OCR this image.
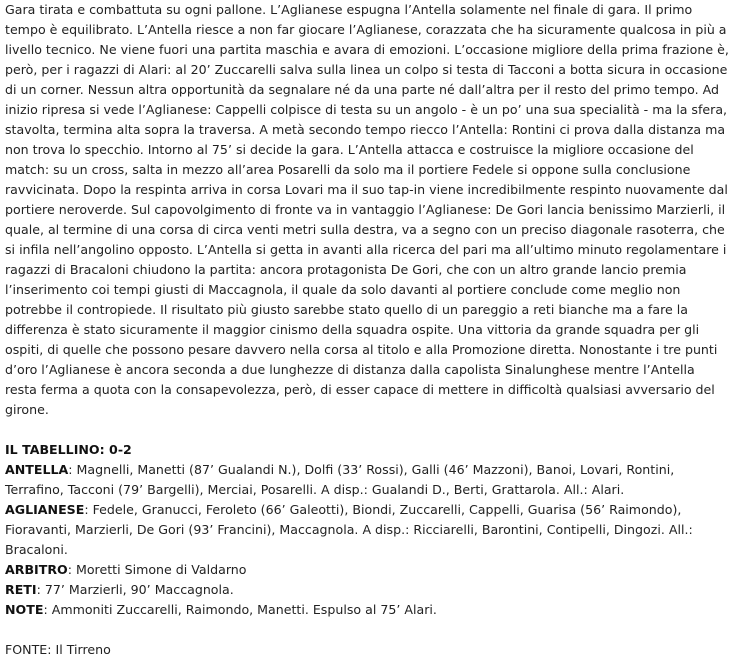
Gara tirata e combattuta su ogni pallone. L’Aglianese espugna l’Antella solamente nel finale di gara. Il primo tempo è equilibrato. L’Antella riesce a non far giocare l’Aglianese, corazzata che ha sicuramente qualcosa in più a livello tecnico. Ne viene fuori una partita maschia e avara di emozioni. L’occasione migliore della prima frazione è, però, per i ragazzi di Alari: al 20’ Zuccarelli salva sulla linea un colpo si testa di Tacconi a botta sicura in occasione di un corner. Nessun altra opportunità da segnalare né da una parte né dall’altra per il resto del primo tempo. Ad inizio ripresa si vede l’Aglianese: Cappelli colpisce di testa su un angolo - è un po’ una sua specialità - ma la sfera, stavolta, termina alta sopra la traversa. A metà secondo tempo riecco l’Antella: Rontini ci prova dalla distanza ma non trova lo specchio. Intorno al 75’ si decide la gara. L’Antella attacca e costruisce la migliore occasione del match: su un cross, salta in mezzo all’area Posarelli da solo ma il portiere Fedele si oppone sulla conclusione ravvicinata. Dopo la respinta arriva in corsa Lovari ma il suo tap-in viene incredibilmente respinto nuovamente dal portiere neroverde. Sul capovolgimento di fronte va in vantaggio l’Aglianese: De Gori lancia benissimo Marzierli, il quale, al termine di una corsa di circa venti metri sulla destra, va a segno con un preciso diagonale rasoterra, che si infila nell’angolino opposto. L’Antella si getta in avanti alla ricerca del pari ma all’ultimo minuto regolamentare i ragazzi di Bracaloni chiudono la partita: ancora protagonista De Gori, che con un altro grande lancio premia l’inserimento coi tempi giusti di Maccagnola, il quale da solo davanti al portiere conclude come meglio non potrebbe il contropiede. Il risultato più giusto sarebbe stato quello di un pareggio a reti bianche ma a fare la differenza è stato sicuramente il maggior cinismo della squadra ospite. Una vittoria da grande squadra per gli ospiti, di quelle che possono pesare davvero nella corsa al titolo e alla Promozione diretta. Nonostante i tre punti d’oro l’Aglianese è ancora seconda a due lunghezze di distanza dalla capolista Sinalunghese mentre l’Antella resta ferma a quota con la consapevolezza, però, di esser capace di mettere in difficoltà qualsiasi avversario del girone.

IL TABELLINO: 0-2

ANTELLA: Magnelli, Manetti (87’ Gualandi N.), Dolfi (33’ Rossi), Galli (46’ Mazzoni), Banoi, Lovari, Rontini, Terrafino, Tacconi (79’ Bargelli), Merciai, Posarelli. A disp.: Gualandi D., Berti, Grattarola. All.: Alari.

AGLIANESE: Fedele, Granucci, Feroleto (66’ Galeotti), Biondi, Zuccarelli, Cappelli, Guarisa (56’ Raimondo), Fioravanti, Marzierli, De Gori (93’ Francini), Maccagnola. A disp.: Ricciarelli, Barontini, Contipelli, Dingozi. All.: Bracaloni.

ARBITRO: Moretti Simone di Valdarno

RETI: 77’ Marzierli, 90’ Maccagnola.

NOTE: Ammoniti Zuccarelli, Raimondo, Manetti. Espulso al 75’ Alari.

FONTE: Il Tirreno
